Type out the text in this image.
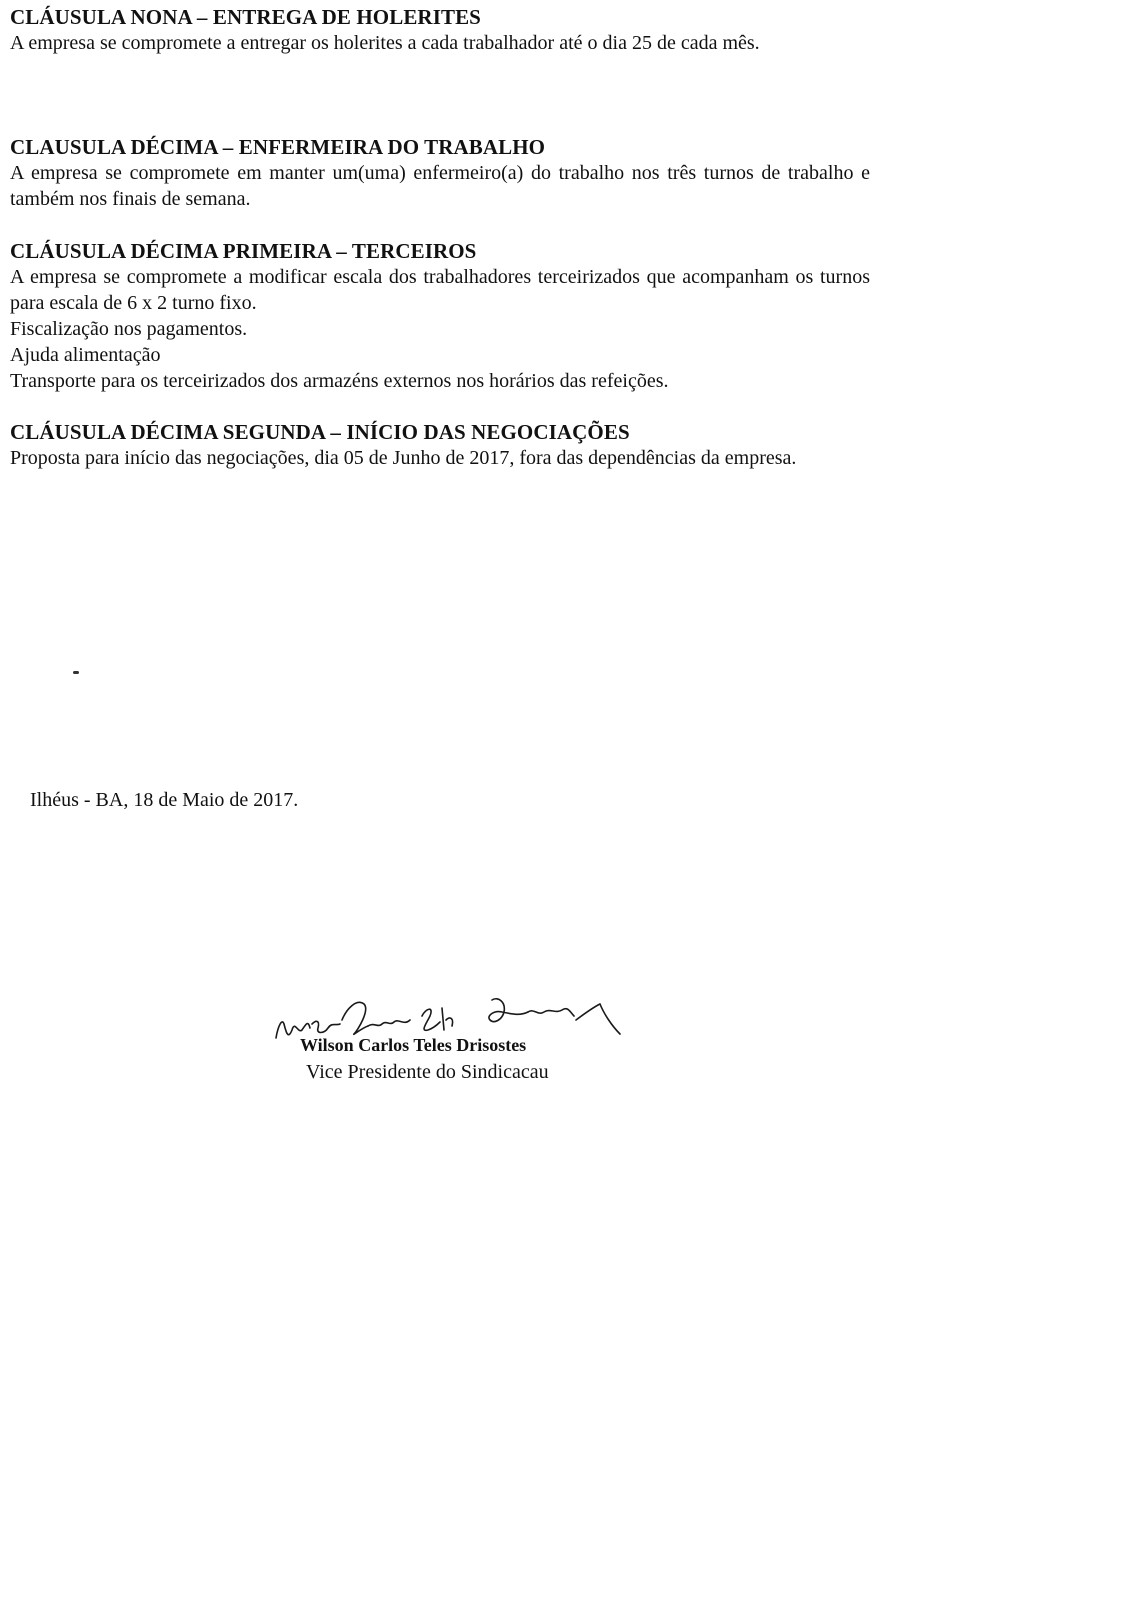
CLÁUSULA NONA – ENTREGA DE HOLERITES

A empresa se compromete a entregar os holerites a cada trabalhador até o dia 25 de cada mês.

CLAUSULA DÉCIMA – ENFERMEIRA DO TRABALHO

A empresa se compromete em manter um(uma) enfermeiro(a) do trabalho nos três turnos de trabalho e também nos finais de semana.

CLÁUSULA DÉCIMA PRIMEIRA – TERCEIROS

A empresa se compromete a modificar escala dos trabalhadores terceirizados que acompanham os turnos para escala de 6 x 2 turno fixo.

Fiscalização nos pagamentos.

Ajuda alimentação

Transporte para os terceirizados dos armazéns externos nos horários das refeições.

CLÁUSULA DÉCIMA SEGUNDA – INÍCIO DAS NEGOCIAÇÕES

Proposta para início das negociações, dia 05 de Junho de 2017, fora das dependências da empresa.

Ilhéus - BA, 18 de Maio de 2017.
Wilson Carlos Teles Drisostes
Vice Presidente do Sindicacau
